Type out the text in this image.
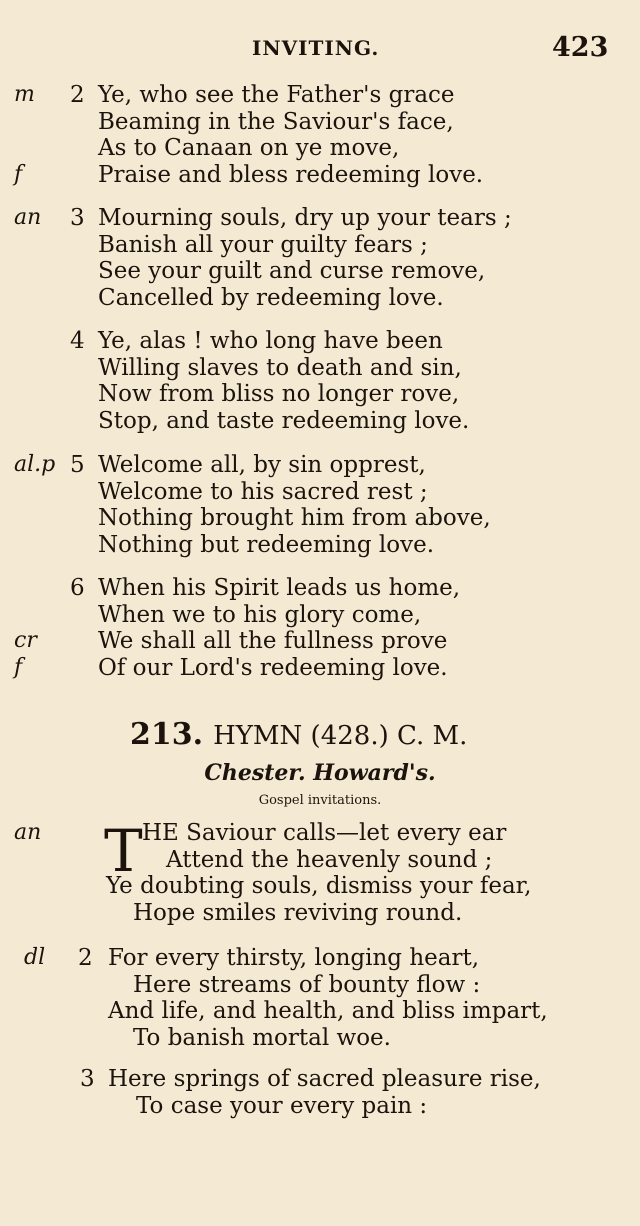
INVITING.	423
m 2 Ye, who see the Father's grace
Beaming in the Saviour's face,
As to Canaan on ye move,
f	Praise and bless redeeming love.
an 3 Mourning souls, dry up your tears ;
Banish all your guilty fears ;
See your guilt and curse remove,
Cancelled by redeeming love.
4 Ye, alas ! who long have been
Willing slaves to death and sin,
Now from bliss no longer rove,
Stop, and taste redeeming love.
al.p 5 Welcome all, by sin opprest,
Welcome to his sacred rest ;
Nothing brought him from above,
Nothing but redeeming love.
6 When his Spirit leads us home,
When we to his glory come,
cr	We shall all the fullness prove
f	Of our Lord's redeeming love.
213. HYMN (428.) C. M.
Chester. Howard's.
Gospel invitations.
T
an	HE Saviour calls—let every ear
Attend the heavenly sound ;
Ye doubting souls, dismiss your fear,
Hope smiles reviving round.
dl 2 For every thirsty, longing heart,
Here streams of bounty flow :
And life, and health, and bliss impart,
To banish mortal woe.
3 Here springs of sacred pleasure rise,
To case your every pain :
